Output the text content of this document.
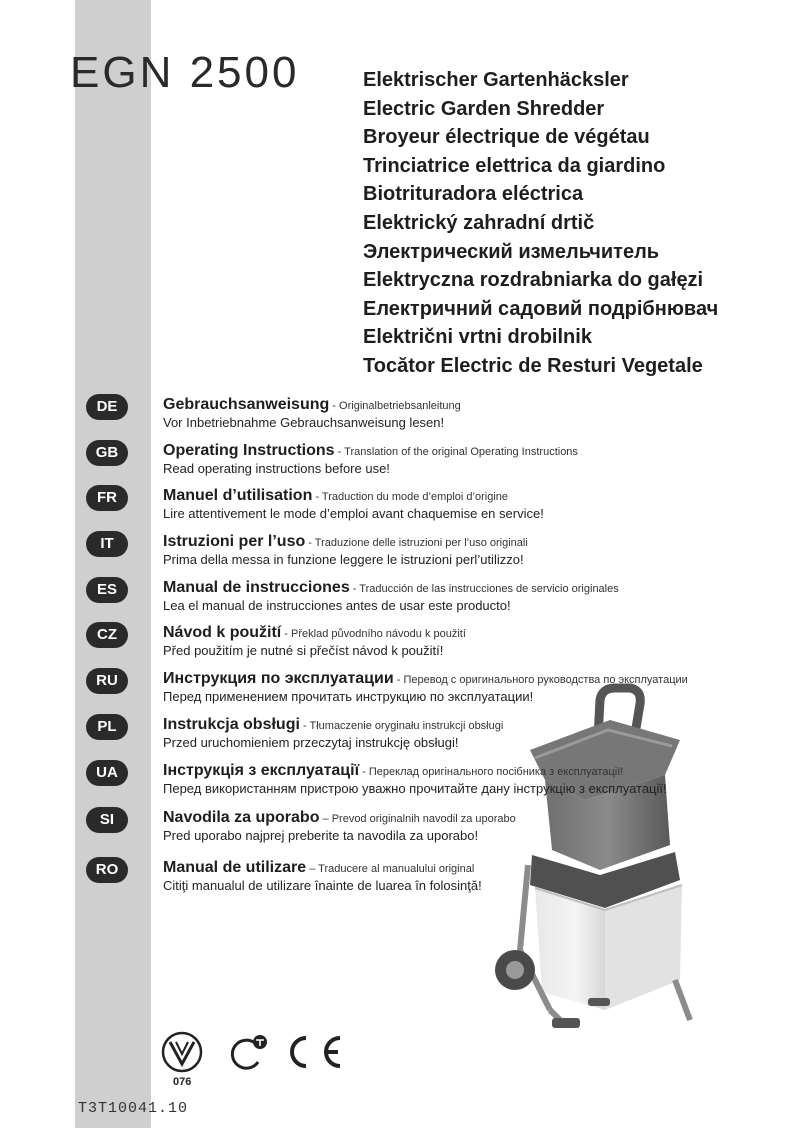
EGN 2500	Elektrischer Gartenhäcksler
Electric Garden Shredder
Broyeur électrique de végétau
Trinciatrice elettrica da giardino
Biotrituradora eléctrica
Elektrický zahradní drtič
Электрический измельчитель
Elektryczna rozdrabniarka do gałęzi
Електричний садовий подрібнювач
Električni vrtni drobilnik
Tocător Electric de Resturi Vegetale
DE	Gebrauchsanweisung - Originalbetriebsanleitung
Vor Inbetriebnahme Gebrauchsanweisung lesen!
GB	Operating Instructions - Translation of the original Operating Instructions
Read operating instructions before use!
FR	Manuel d’utilisation - Traduction du mode d’emploi d’origine
Lire attentivement le mode d’emploi avant chaquemise en service!
IT	Istruzioni per l’uso - Traduzione delle istruzioni per l’uso originali
Prima della messa in funzione leggere le istruzioni perl’utilizzo!
ES	Manual de instrucciones - Traducción de las instrucciones de servicio originales
Lea el manual de instrucciones antes de usar este producto!
CZ	Návod k použití - Překlad původního návodu k použití
Před použitím je nutné si přečíst návod k použití!
RU	Инструкция по эксплуатации - Перевод с оригинального руководства по эксплуатации
Перед применением прочитать инструкцию по эксплуатации!
PL	Instrukcja obsługi - Tłumaczenie oryginału instrukcji obsługi
Przed uruchomieniem przeczytaj instrukcję obsługi!
UA	Інструкція з експлуатації - Переклад оригінального посібника з експлуатації!
Перед використанням пристрою уважно прочитайте дану інструкцію з експлуатації!
SI	Navodila za uporabo – Prevod originalnih navodil za uporabo
Pred uporabo najprej preberite ta navodila za uporabo!
RO	Manual de utilizare – Traducere al manualului original
Citiţi manualul de utilizare înainte de luarea în folosinţă!
076
T3T10041.10
